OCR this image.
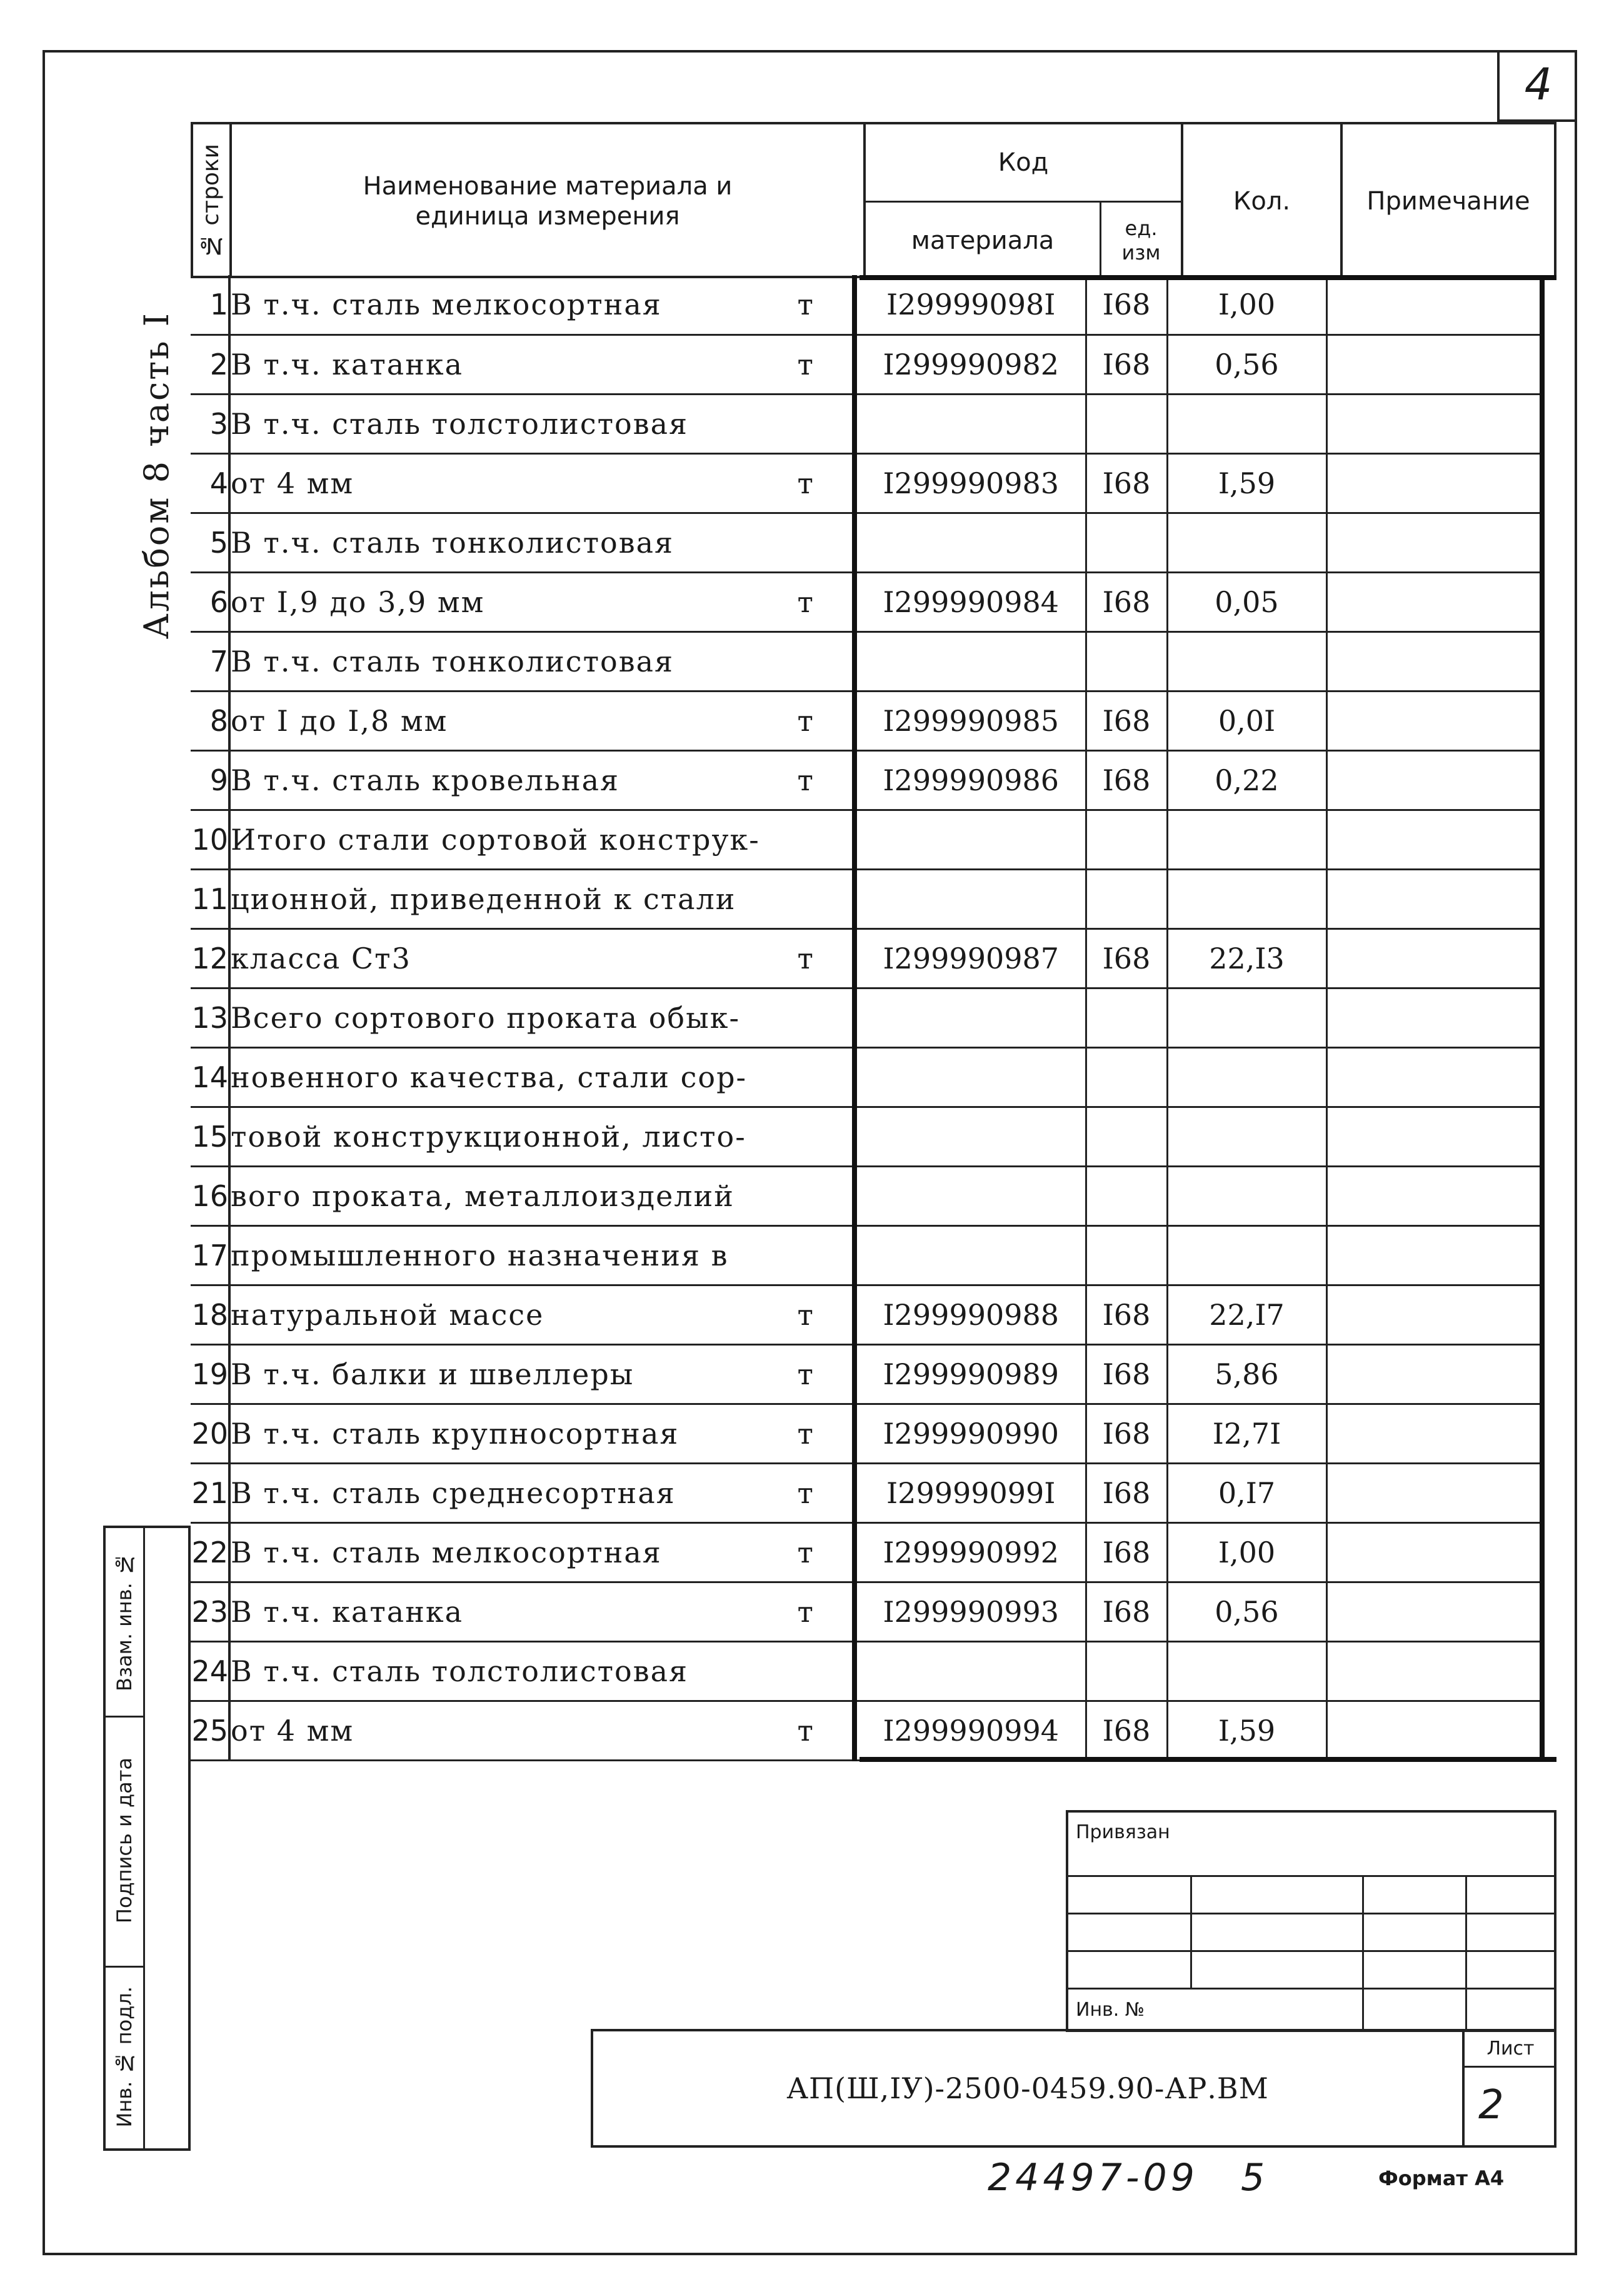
4
Альбом 8 часть I
№ строки	Наименование материала и единица измерения
Код
материала	ед. изм
Кол.	Примечание
1	В т.ч. сталь мелкосортная т	I29999098I	I68	I,00	
2	В т.ч. катанка т	I299990982	I68	0,56	
3	В т.ч. сталь толстолистовая

4	от 4 мм т	I299990983	I68	I,59	
5	В т.ч. сталь тонколистовая

6	от I,9 до 3,9 мм т	I299990984	I68	0,05	
7	В т.ч. сталь тонколистовая

8	от I до I,8 мм т	I299990985	I68	0,0I	
9	В т.ч. сталь кровельная т	I299990986	I68	0,22	
10	Итого стали сортовой конструк-

11	ционной, приведенной к стали

12	класса Ст3 т	I299990987	I68	22,I3	
13	Всего сортового проката обык-

14	новенного качества, стали сор-

15	товой конструкционной, листо-

16	вого проката, металлоизделий

17	промышленного назначения в

18	натуральной массе т	I299990988	I68	22,I7	
19	В т.ч. балки и швеллеры т	I299990989	I68	5,86	
20	В т.ч. сталь крупносортная т	I299990990	I68	I2,7I	
21	В т.ч. сталь среднесортная т	I29999099I	I68	0,I7	
22	В т.ч. сталь мелкосортная т	I299990992	I68	I,00	
23	В т.ч. катанка т	I299990993	I68	0,56	
24	В т.ч. сталь толстолистовая

25	от 4 мм т	I299990994	I68	I,59	
Взам. инв. №
Подпись и дата
Инв. № подл.
Привязан
Инв. №
АП(Ш,IУ)-2500-0459.90-АР.ВМ
Лист
2
24497-09 5	Формат А4
